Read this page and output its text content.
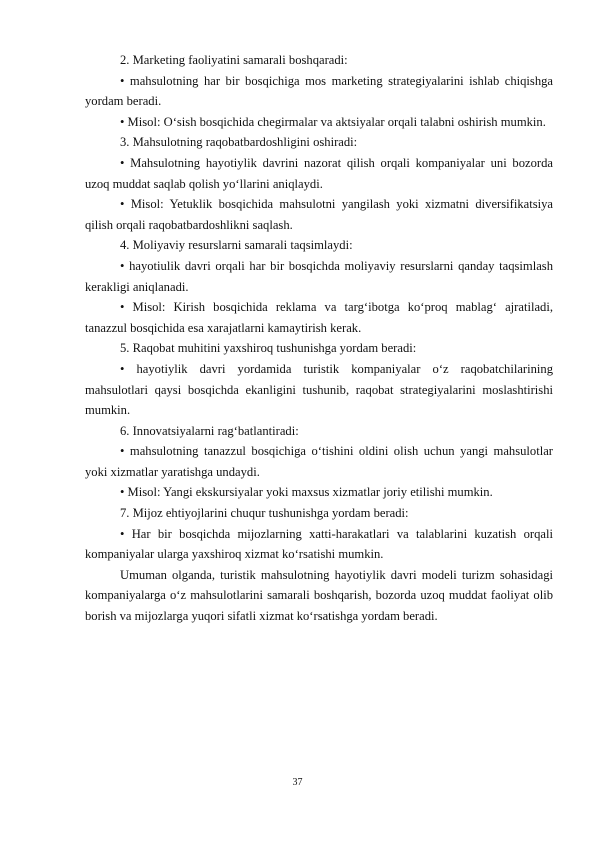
2. Marketing faoliyatini samarali boshqaradi:

• mahsulotning har bir bosqichiga mos marketing strategiyalarini ishlab chiqishga yordam beradi.

• Misol: O‘sish bosqichida chegirmalar va aktsiyalar orqali talabni oshirish mumkin.

3. Mahsulotning raqobatbardoshligini oshiradi:

• Mahsulotning hayotiylik davrini nazorat qilish orqali kompaniyalar uni bozorda uzoq muddat saqlab qolish yo‘llarini aniqlaydi.

• Misol: Yetuklik bosqichida mahsulotni yangilash yoki xizmatni diversifikatsiya qilish orqali raqobatbardoshlikni saqlash.

4. Moliyaviy resurslarni samarali taqsimlaydi:

• hayotiulik davri orqali har bir bosqichda moliyaviy resurslarni qanday taqsimlash kerakligi aniqlanadi.

• Misol: Kirish bosqichida reklama va targ‘ibotga ko‘proq mablag‘ ajratiladi, tanazzul bosqichida esa xarajatlarni kamaytirish kerak.

5. Raqobat muhitini yaxshiroq tushunishga yordam beradi:

• hayotiylik davri yordamida turistik kompaniyalar o‘z raqobatchilarining mahsulotlari qaysi bosqichda ekanligini tushunib, raqobat strategiyalarini moslashtirishi mumkin.

6. Innovatsiyalarni rag‘batlantiradi:

• mahsulotning tanazzul bosqichiga o‘tishini oldini olish uchun yangi mahsulotlar yoki xizmatlar yaratishga undaydi.

• Misol: Yangi ekskursiyalar yoki maxsus xizmatlar joriy etilishi mumkin.

7. Mijoz ehtiyojlarini chuqur tushunishga yordam beradi:

• Har bir bosqichda mijozlarning xatti-harakatlari va talablarini kuzatish orqali kompaniyalar ularga yaxshiroq xizmat ko‘rsatishi mumkin.

Umuman olganda, turistik mahsulotning hayotiylik davri modeli turizm sohasidagi kompaniyalarga o‘z mahsulotlarini samarali boshqarish, bozorda uzoq muddat faoliyat olib borish va mijozlarga yuqori sifatli xizmat ko‘rsatishga yordam beradi.

37
